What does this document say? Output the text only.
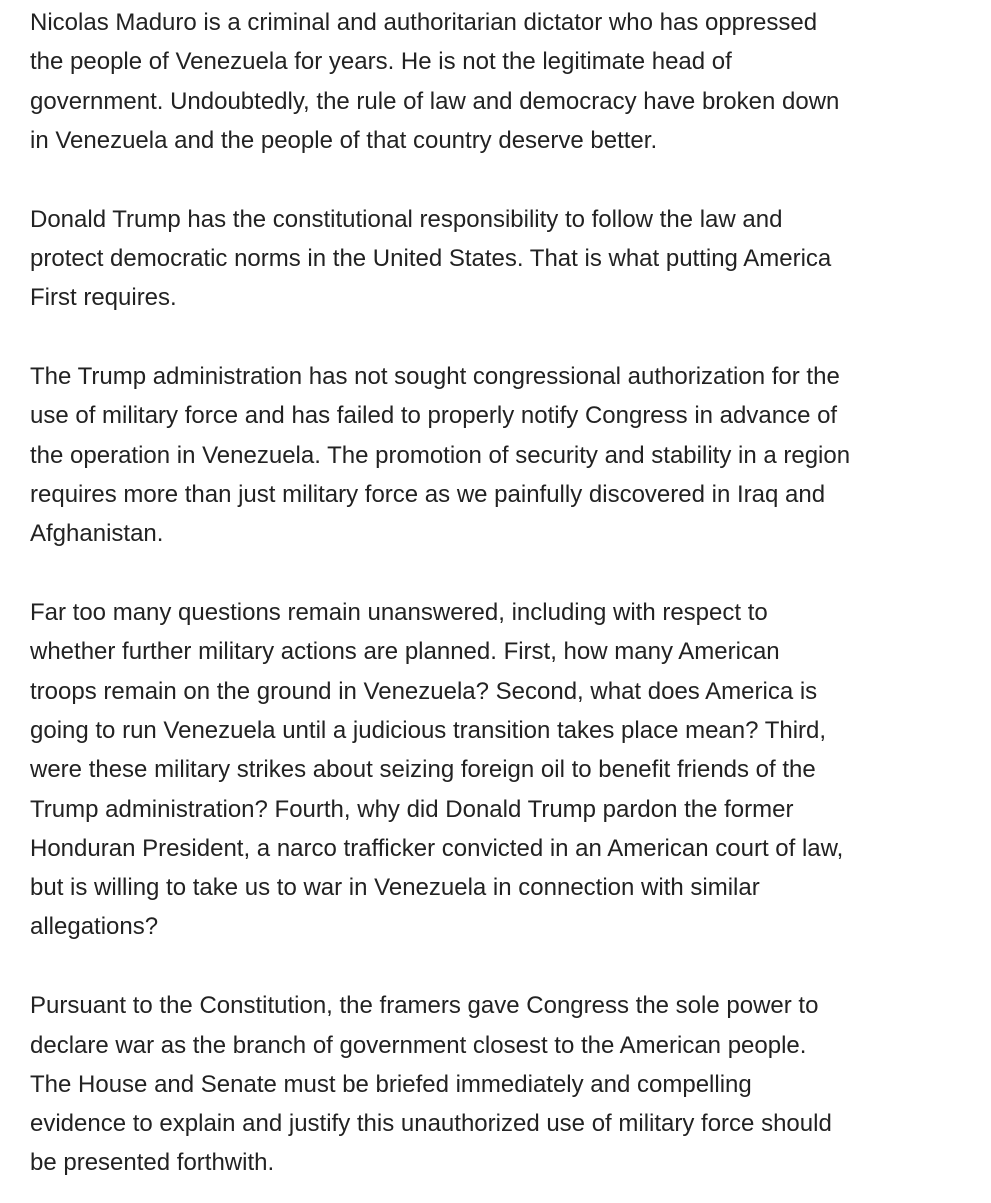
Nicolas Maduro is a criminal and authoritarian dictator who has oppressed
the people of Venezuela for years. He is not the legitimate head of
government. Undoubtedly, the rule of law and democracy have broken down
in Venezuela and the people of that country deserve better.

Donald Trump has the constitutional responsibility to follow the law and
protect democratic norms in the United States. That is what putting America
First requires.

The Trump administration has not sought congressional authorization for the
use of military force and has failed to properly notify Congress in advance of
the operation in Venezuela. The promotion of security and stability in a region
requires more than just military force as we painfully discovered in Iraq and
Afghanistan.

Far too many questions remain unanswered, including with respect to
whether further military actions are planned. First, how many American
troops remain on the ground in Venezuela? Second, what does America is
going to run Venezuela until a judicious transition takes place mean? Third,
were these military strikes about seizing foreign oil to benefit friends of the
Trump administration? Fourth, why did Donald Trump pardon the former
Honduran President, a narco trafficker convicted in an American court of law,
but is willing to take us to war in Venezuela in connection with similar
allegations?

Pursuant to the Constitution, the framers gave Congress the sole power to
declare war as the branch of government closest to the American people.
The House and Senate must be briefed immediately and compelling
evidence to explain and justify this unauthorized use of military force should
be presented forthwith.
